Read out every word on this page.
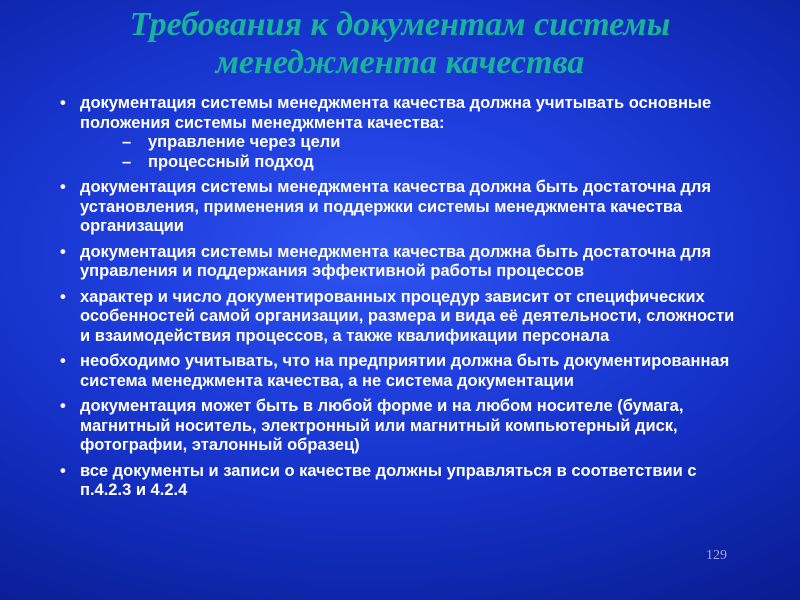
Требования к документам системы
менеджмента качества
• документация системы менеджмента качества должна учитывать основные положения системы менеджмента качества:
– управление через цели
– процессный подход
• документация системы менеджмента качества должна быть достаточна для установления, применения и поддержки системы менеджмента качества организации
• документация системы менеджмента качества должна быть достаточна для управления и поддержания эффективной работы процессов
• характер и число документированных процедур зависит от специфических особенностей самой организации, размера и вида её деятельности, сложности и взаимодействия процессов, а также квалификации персонала
• необходимо учитывать, что на предприятии должна быть документированная система менеджмента качества, а не система документации
• документация может быть в любой форме и на любом носителе (бумага, магнитный носитель, электронный или магнитный компьютерный диск, фотографии, эталонный образец)
• все документы и записи о качестве должны управляться в соответствии с п.4.2.3 и 4.2.4
129
